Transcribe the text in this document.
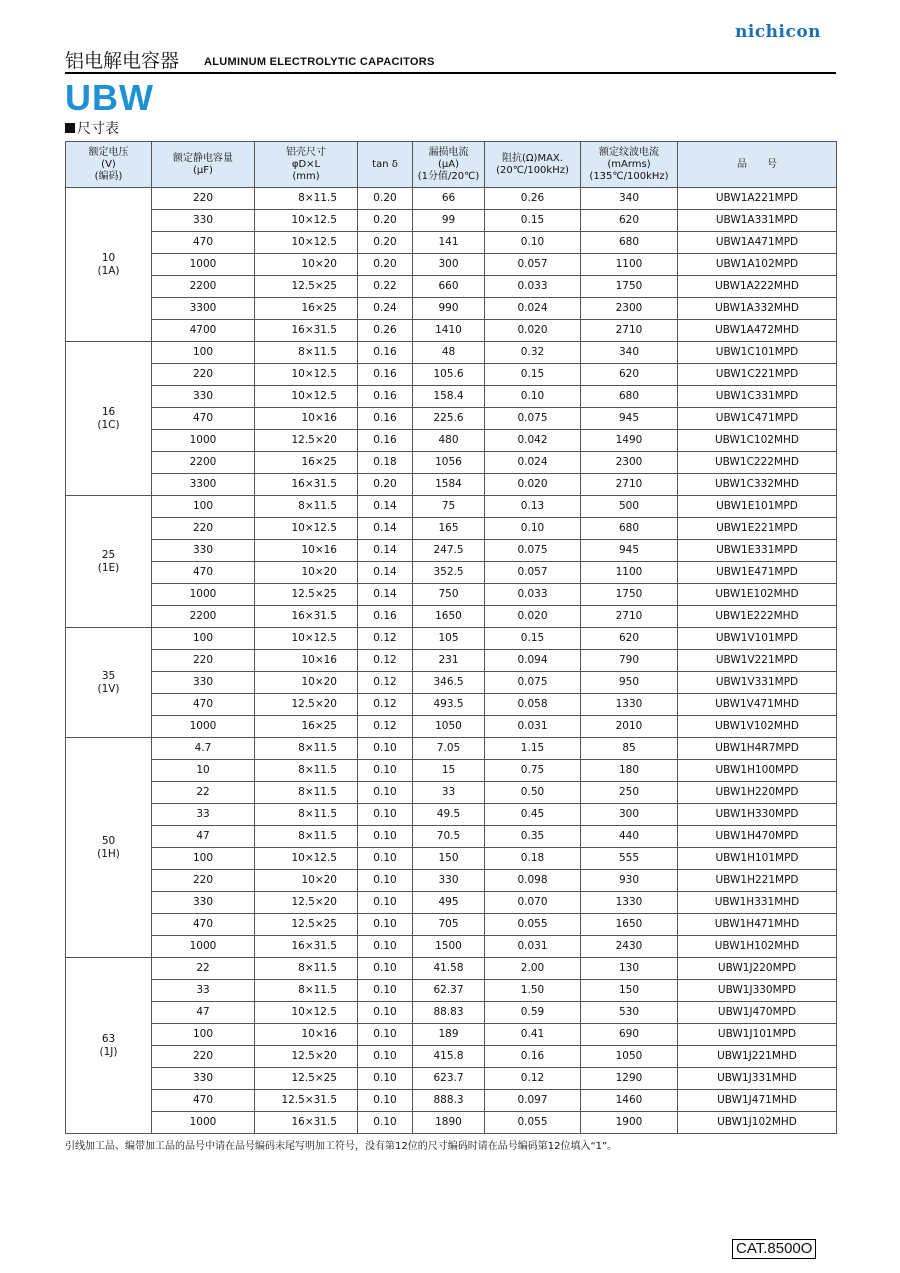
nichicon
铝电解电容器 ALUMINUM ELECTROLYTIC CAPACITORS
UBW
尺寸表
额定电压
(V)
(编码)	额定静电容量
(μF)	铝壳尺寸
φD×L
(mm)	tan δ	漏损电流
(μA)
(1分值/20℃)	阻抗(Ω)MAX.
(20℃/100kHz)	额定纹波电流
(mArms)
(135℃/100kHz)	品　　号

10
(1A)	220	8×11.5	0.20	66	0.26	340	UBW1A221MPD
	330	10×12.5	0.20	99	0.15	620	UBW1A331MPD
	470	10×12.5	0.20	141	0.10	680	UBW1A471MPD
	1000	10×20	0.20	300	0.057	1100	UBW1A102MPD
	2200	12.5×25	0.22	660	0.033	1750	UBW1A222MHD
	3300	16×25	0.24	990	0.024	2300	UBW1A332MHD
	4700	16×31.5	0.26	1410	0.020	2710	UBW1A472MHD

16
(1C)	100	8×11.5	0.16	48	0.32	340	UBW1C101MPD
	220	10×12.5	0.16	105.6	0.15	620	UBW1C221MPD
	330	10×12.5	0.16	158.4	0.10	680	UBW1C331MPD
	470	10×16	0.16	225.6	0.075	945	UBW1C471MPD
	1000	12.5×20	0.16	480	0.042	1490	UBW1C102MHD
	2200	16×25	0.18	1056	0.024	2300	UBW1C222MHD
	3300	16×31.5	0.20	1584	0.020	2710	UBW1C332MHD

25
(1E)	100	8×11.5	0.14	75	0.13	500	UBW1E101MPD
	220	10×12.5	0.14	165	0.10	680	UBW1E221MPD
	330	10×16	0.14	247.5	0.075	945	UBW1E331MPD
	470	10×20	0.14	352.5	0.057	1100	UBW1E471MPD
	1000	12.5×25	0.14	750	0.033	1750	UBW1E102MHD
	2200	16×31.5	0.16	1650	0.020	2710	UBW1E222MHD

35
(1V)	100	10×12.5	0.12	105	0.15	620	UBW1V101MPD
	220	10×16	0.12	231	0.094	790	UBW1V221MPD
	330	10×20	0.12	346.5	0.075	950	UBW1V331MPD
	470	12.5×20	0.12	493.5	0.058	1330	UBW1V471MHD
	1000	16×25	0.12	1050	0.031	2010	UBW1V102MHD

50
(1H)	4.7	8×11.5	0.10	7.05	1.15	85	UBW1H4R7MPD
	10	8×11.5	0.10	15	0.75	180	UBW1H100MPD
	22	8×11.5	0.10	33	0.50	250	UBW1H220MPD
	33	8×11.5	0.10	49.5	0.45	300	UBW1H330MPD
	47	8×11.5	0.10	70.5	0.35	440	UBW1H470MPD
	100	10×12.5	0.10	150	0.18	555	UBW1H101MPD
	220	10×20	0.10	330	0.098	930	UBW1H221MPD
	330	12.5×20	0.10	495	0.070	1330	UBW1H331MHD
	470	12.5×25	0.10	705	0.055	1650	UBW1H471MHD
	1000	16×31.5	0.10	1500	0.031	2430	UBW1H102MHD

63
(1J)	22	8×11.5	0.10	41.58	2.00	130	UBW1J220MPD
	33	8×11.5	0.10	62.37	1.50	150	UBW1J330MPD
	47	10×12.5	0.10	88.83	0.59	530	UBW1J470MPD
	100	10×16	0.10	189	0.41	690	UBW1J101MPD
	220	12.5×20	0.10	415.8	0.16	1050	UBW1J221MHD
	330	12.5×25	0.10	623.7	0.12	1290	UBW1J331MHD
	470	12.5×31.5	0.10	888.3	0.097	1460	UBW1J471MHD
	1000	16×31.5	0.10	1890	0.055	1900	UBW1J102MHD
引线加工品、编带加工品的品号中请在品号编码末尾写明加工符号，没有第12位的尺寸编码时请在品号编码第12位填入“1”。
CAT.8500O
